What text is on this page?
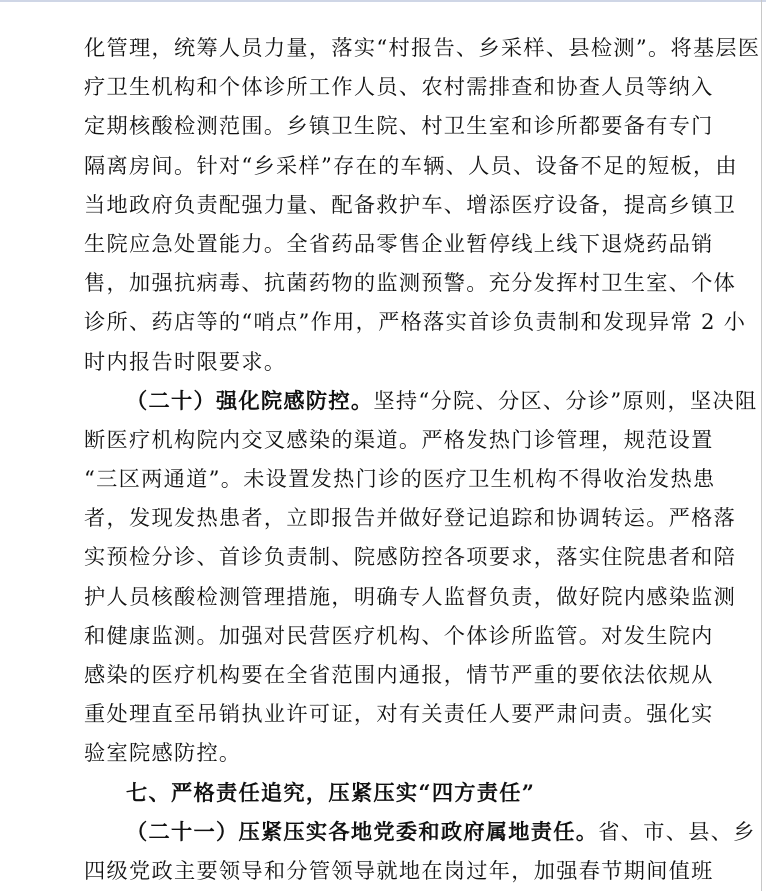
化管理，统筹人员力量，落实“村报告、乡采样、县检测”。将基层医
疗卫生机构和个体诊所工作人员、农村需排查和协查人员等纳入
定期核酸检测范围。乡镇卫生院、村卫生室和诊所都要备有专门
隔离房间。针对“乡采样”存在的车辆、人员、设备不足的短板，由
当地政府负责配强力量、配备救护车、增添医疗设备，提高乡镇卫
生院应急处置能力。全省药品零售企业暂停线上线下退烧药品销
售，加强抗病毒、抗菌药物的监测预警。充分发挥村卫生室、个体
诊所、药店等的“哨点”作用，严格落实首诊负责制和发现异常 2 小
时内报告时限要求。
（二十）强化院感防控。坚持“分院、分区、分诊”原则，坚决阻
断医疗机构院内交叉感染的渠道。严格发热门诊管理，规范设置
“三区两通道”。未设置发热门诊的医疗卫生机构不得收治发热患
者，发现发热患者，立即报告并做好登记追踪和协调转运。严格落
实预检分诊、首诊负责制、院感防控各项要求，落实住院患者和陪
护人员核酸检测管理措施，明确专人监督负责，做好院内感染监测
和健康监测。加强对民营医疗机构、个体诊所监管。对发生院内
感染的医疗机构要在全省范围内通报，情节严重的要依法依规从
重处理直至吊销执业许可证，对有关责任人要严肃问责。强化实
验室院感防控。
七、严格责任追究，压紧压实“四方责任”
（二十一）压紧压实各地党委和政府属地责任。省、市、县、乡
四级党政主要领导和分管领导就地在岗过年，加强春节期间值班
